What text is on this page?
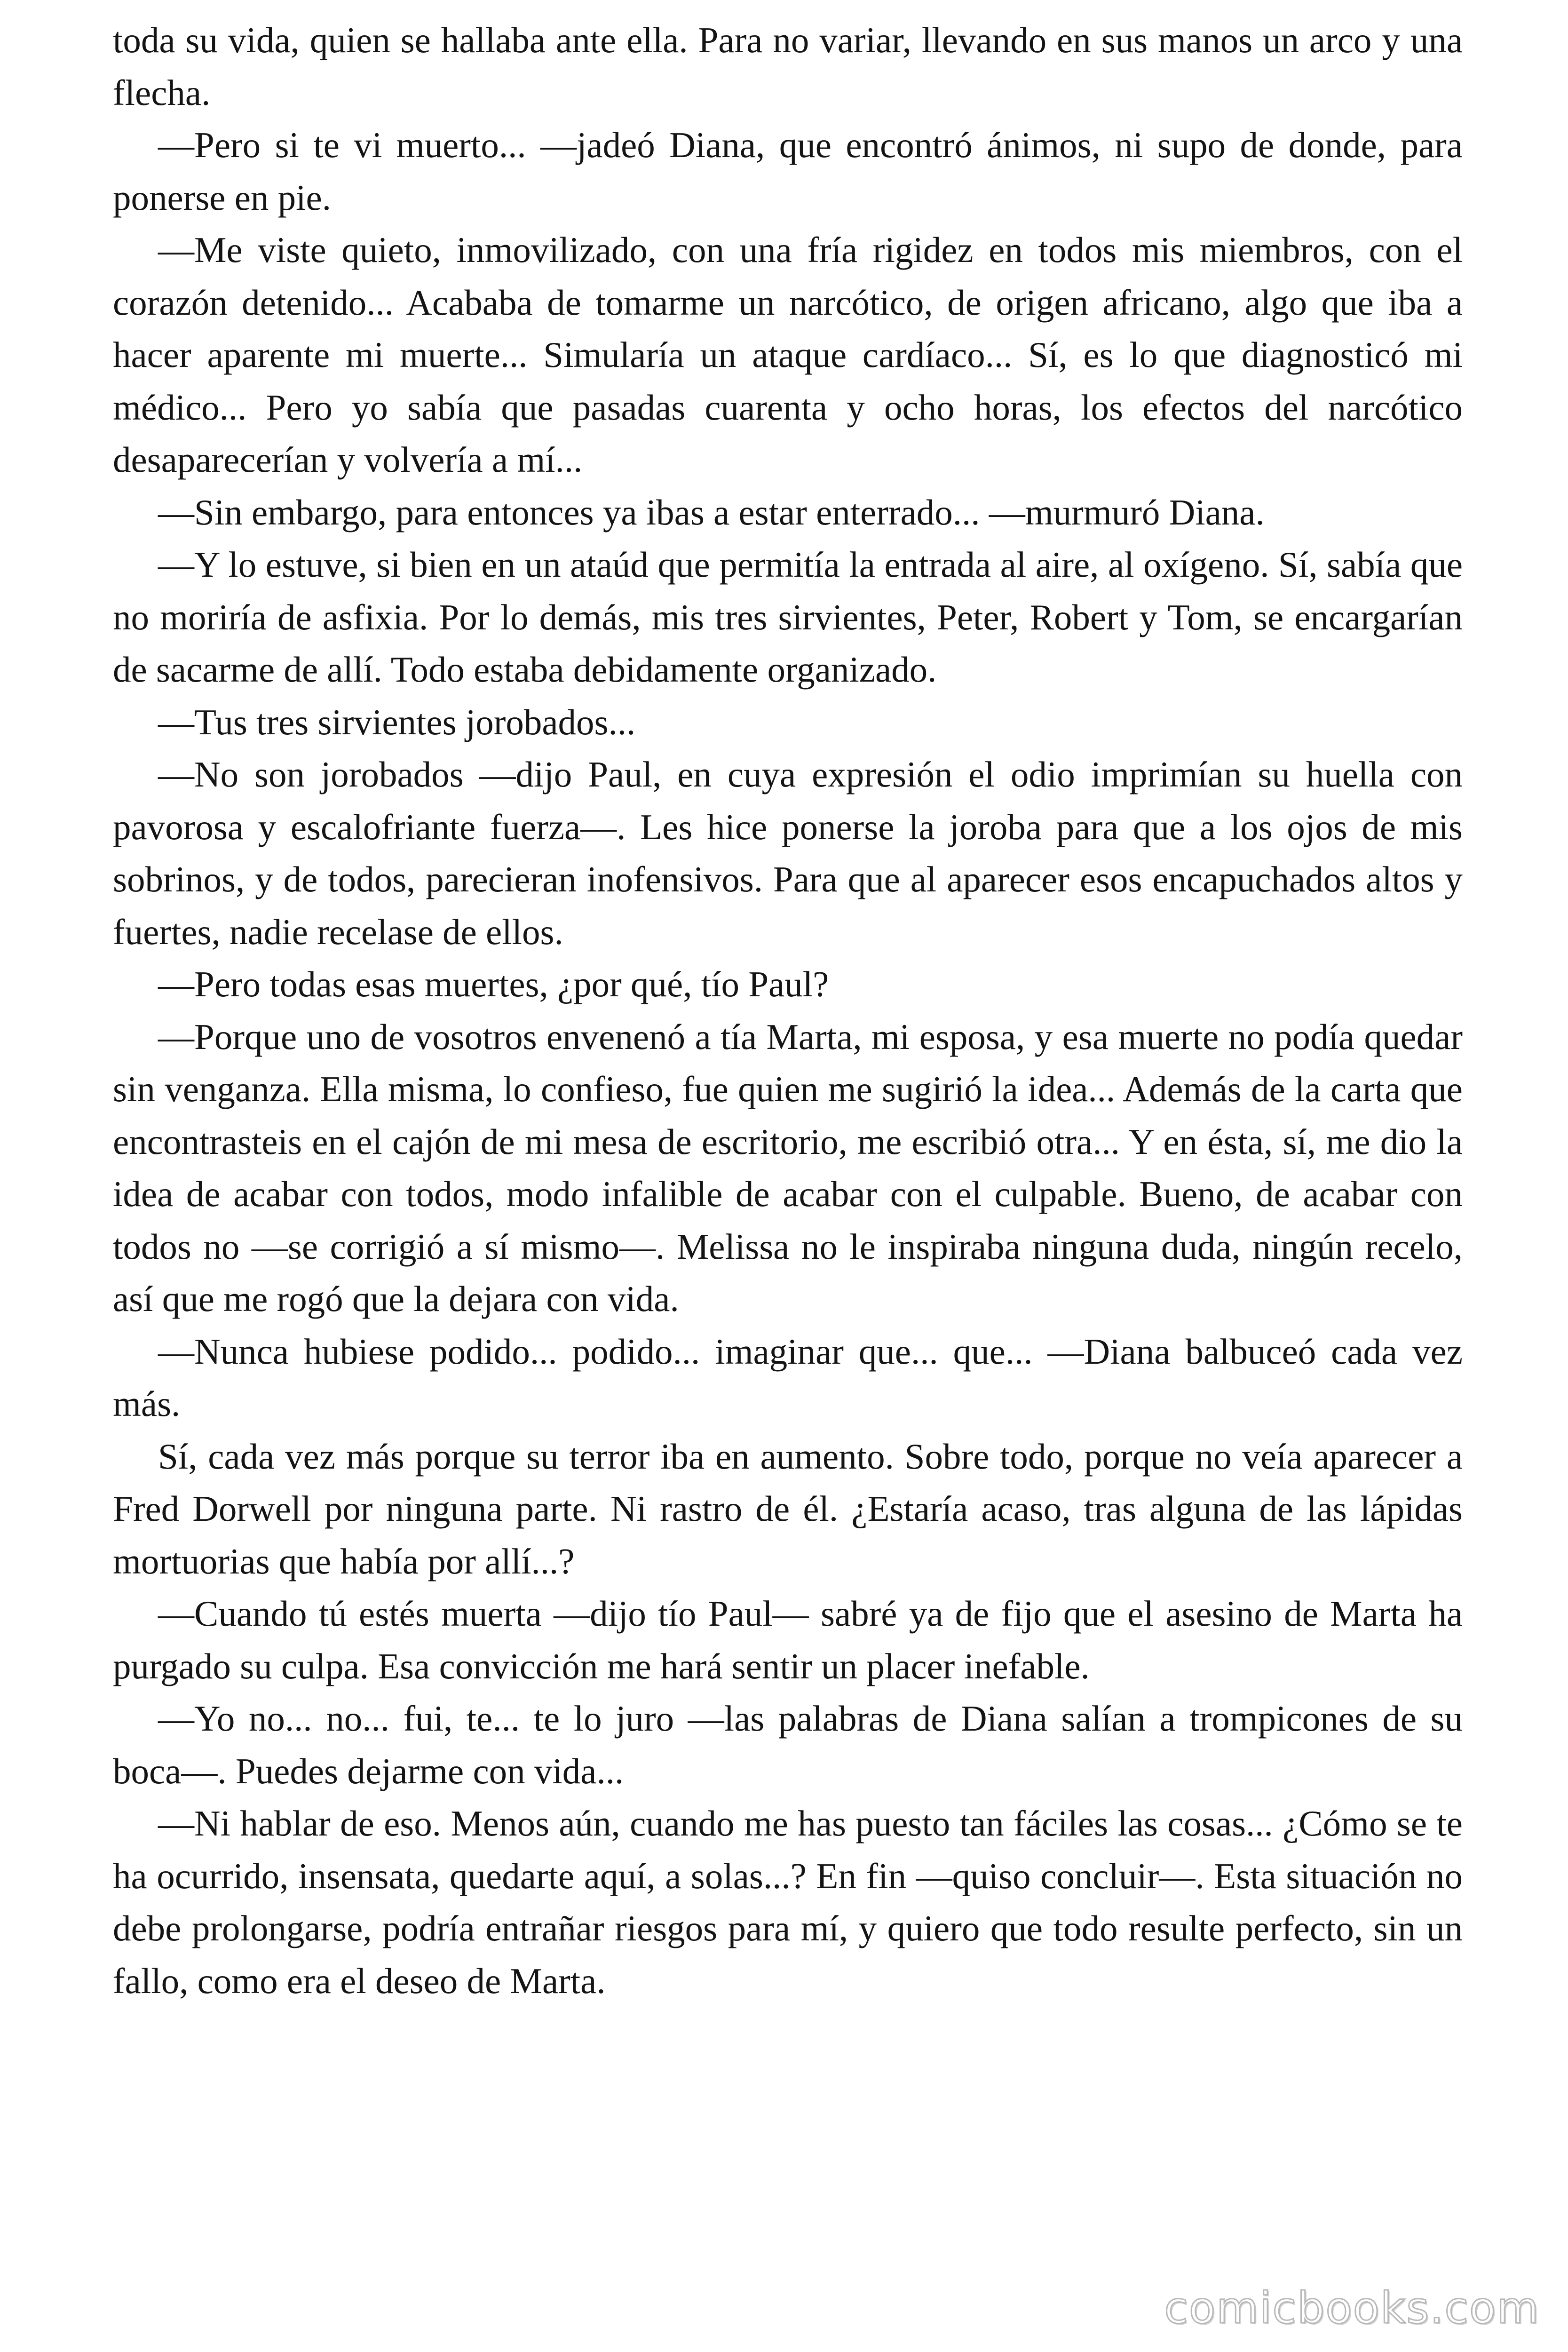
toda su vida, quien se hallaba ante ella. Para no variar, llevando en sus manos un arco y una flecha.

—Pero si te vi muerto... —jadeó Diana, que encontró ánimos, ni supo de donde, para ponerse en pie.

—Me viste quieto, inmovilizado, con una fría rigidez en todos mis miembros, con el corazón detenido... Acababa de tomarme un narcótico, de origen africano, algo que iba a hacer aparente mi muerte... Simularía un ataque cardíaco... Sí, es lo que diagnosticó mi médico... Pero yo sabía que pasadas cuarenta y ocho horas, los efectos del narcótico desaparecerían y volvería a mí...

—Sin embargo, para entonces ya ibas a estar enterrado... —murmuró Diana.

—Y lo estuve, si bien en un ataúd que permitía la entrada al aire, al oxígeno. Sí, sabía que no moriría de asfixia. Por lo demás, mis tres sirvientes, Peter, Robert y Tom, se encargarían de sacarme de allí. Todo estaba debidamente organizado.

—Tus tres sirvientes jorobados...

—No son jorobados —dijo Paul, en cuya expresión el odio imprimían su huella con pavorosa y escalofriante fuerza—. Les hice ponerse la joroba para que a los ojos de mis sobrinos, y de todos, parecieran inofensivos. Para que al aparecer esos encapuchados altos y fuertes, nadie recelase de ellos.

—Pero todas esas muertes, ¿por qué, tío Paul?

—Porque uno de vosotros envenenó a tía Marta, mi esposa, y esa muerte no podía quedar sin venganza. Ella misma, lo confieso, fue quien me sugirió la idea... Además de la carta que encontrasteis en el cajón de mi mesa de escritorio, me escribió otra... Y en ésta, sí, me dio la idea de acabar con todos, modo infalible de acabar con el culpable. Bueno, de acabar con todos no —se corrigió a sí mismo—. Melissa no le inspiraba ninguna duda, ningún recelo, así que me rogó que la dejara con vida.

—Nunca hubiese podido... podido... imaginar que... que... —Diana balbuceó cada vez más.

Sí, cada vez más porque su terror iba en aumento. Sobre todo, porque no veía aparecer a Fred Dorwell por ninguna parte. Ni rastro de él. ¿Estaría acaso, tras alguna de las lápidas mortuorias que había por allí...?

—Cuando tú estés muerta —dijo tío Paul— sabré ya de fijo que el asesino de Marta ha purgado su culpa. Esa convicción me hará sentir un placer inefable.

—Yo no... no... fui, te... te lo juro —las palabras de Diana salían a trompicones de su boca—. Puedes dejarme con vida...

—Ni hablar de eso. Menos aún, cuando me has puesto tan fáciles las cosas... ¿Cómo se te ha ocurrido, insensata, quedarte aquí, a solas...? En fin —quiso concluir—. Esta situación no debe prolongarse, podría entrañar riesgos para mí, y quiero que todo resulte perfecto, sin un fallo, como era el deseo de Marta.

comicbooks.com
